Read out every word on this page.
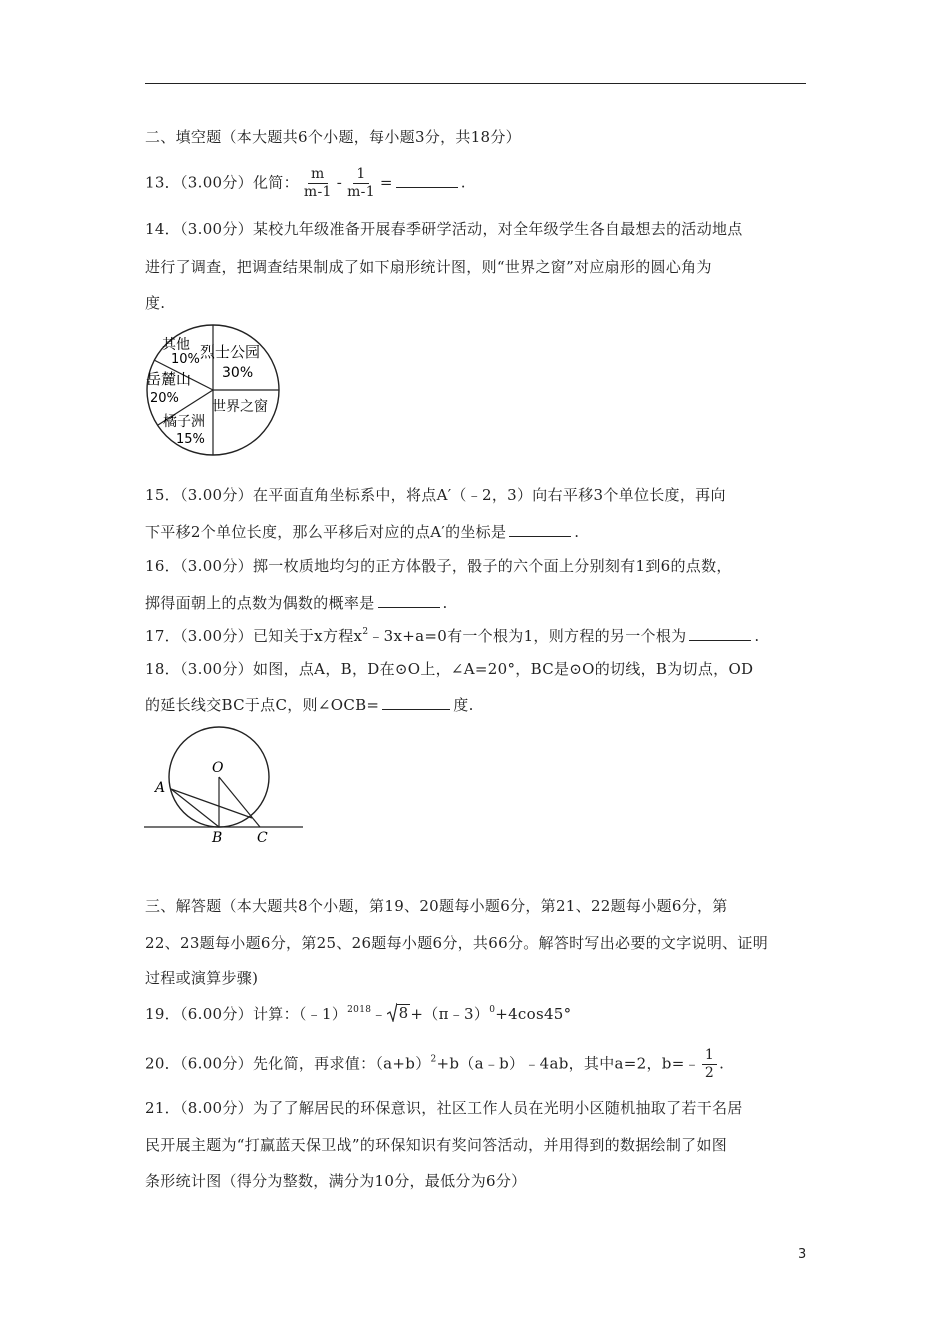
二、填空题（本大题共6个小题，每小题3分，共18分）
13．（3.00分）化简： $\frac{m}{m-1} - \frac{1}{m-1}$ =	.
14．（3.00分）某校九年级准备开展春季研学活动，对全年级学生各自最想去的活动地点
进行了调查，把调查结果制成了如下扇形统计图，则“世界之窗”对应扇形的圆心角为
度.
其他
10% 烈士公园
30%
岳麓山
20%
世界之窗
橘子洲
15%
15．（3.00分）在平面直角坐标系中，将点A′（﹣2，3）向右平移3个单位长度，再向
下平移2个单位长度，那么平移后对应的点A′的坐标是	.
16．（3.00分）掷一枚质地均匀的正方体骰子，骰子的六个面上分别刻有1到6的点数，
掷得面朝上的点数为偶数的概率是	.
17．（3.00分）已知关于x方程$x^2﹣3x+a=0$有一个根为1，则方程的另一个根为	.
18．（3.00分）如图，点A，B，D在⊙O上，∠A=20°，BC是⊙O的切线，B为切点，OD
的延长线交BC于点C，则∠OCB=	度.
A
O
B C
三、解答题（本大题共8个小题，第19、20题每小题6分，第21、22题每小题6分，第
22、23题每小题6分，第25、26题每小题6分，共66分。解答时写出必要的文字说明、证明
过程或演算步骤)
19．（6.00分）计算：（﹣1）$^{2018}$﹣ 8 +（π﹣3）$^0$+4cos45°
20．（6.00分）先化简，再求值：$(a+b)^2+b(a﹣b)﹣4ab$，其中a=2，b=﹣ $\frac{1}{2}$ .
21．（8.00分）为了了解居民的环保意识，社区工作人员在光明小区随机抽取了若干名居
民开展主题为“打赢蓝天保卫战”的环保知识有奖问答活动，并用得到的数据绘制了如图
条形统计图（得分为整数，满分为10分，最低分为6分）
3
